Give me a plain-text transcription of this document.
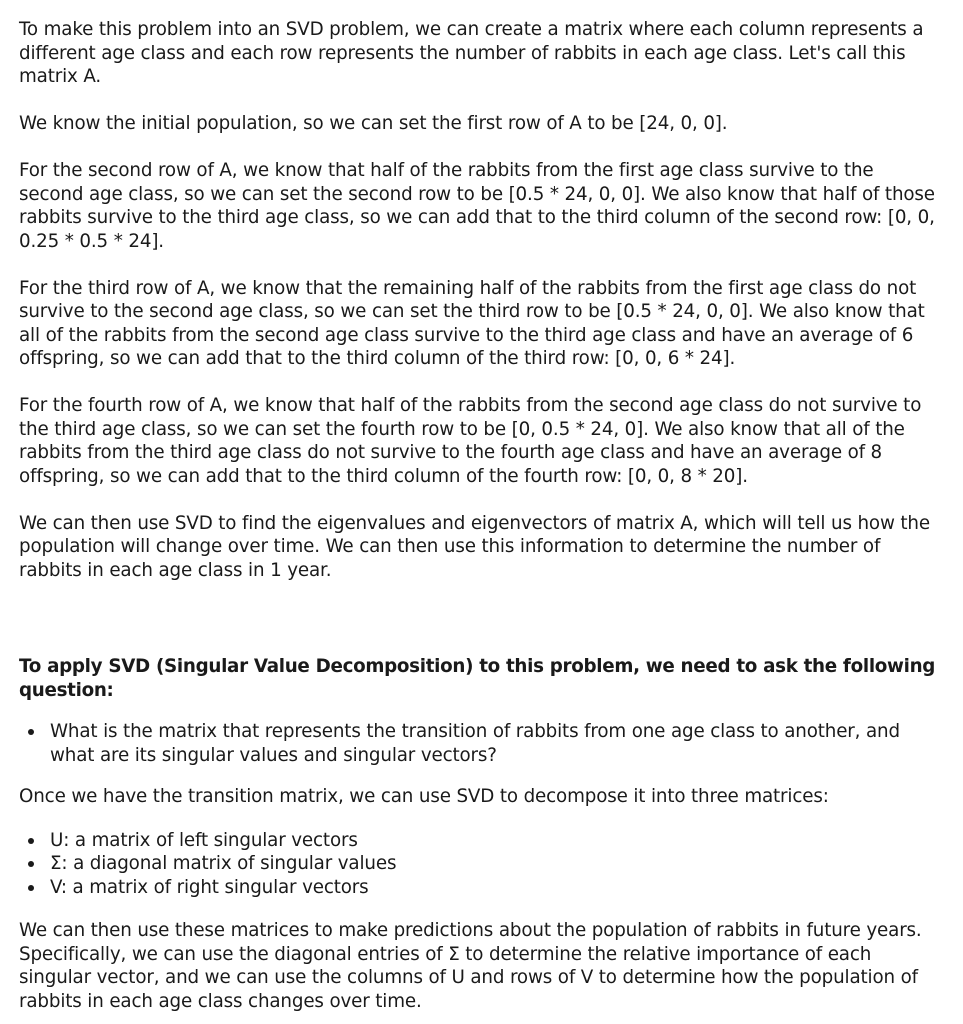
To make this problem into an SVD problem, we can create a matrix where each column represents a different age class and each row represents the number of rabbits in each age class. Let's call this matrix A.

We know the initial population, so we can set the first row of A to be [24, 0, 0].

For the second row of A, we know that half of the rabbits from the first age class survive to the second age class, so we can set the second row to be [0.5 * 24, 0, 0]. We also know that half of those rabbits survive to the third age class, so we can add that to the third column of the second row: [0, 0, 0.25 * 0.5 * 24].

For the third row of A, we know that the remaining half of the rabbits from the first age class do not survive to the second age class, so we can set the third row to be [0.5 * 24, 0, 0]. We also know that all of the rabbits from the second age class survive to the third age class and have an average of 6 offspring, so we can add that to the third column of the third row: [0, 0, 6 * 24].

For the fourth row of A, we know that half of the rabbits from the second age class do not survive to the third age class, so we can set the fourth row to be [0, 0.5 * 24, 0]. We also know that all of the rabbits from the third age class do not survive to the fourth age class and have an average of 8 offspring, so we can add that to the third column of the fourth row: [0, 0, 8 * 20].

We can then use SVD to find the eigenvalues and eigenvectors of matrix A, which will tell us how the population will change over time. We can then use this information to determine the number of rabbits in each age class in 1 year.

To apply SVD (Singular Value Decomposition) to this problem, we need to ask the following question:

What is the matrix that represents the transition of rabbits from one age class to another, and what are its singular values and singular vectors?

Once we have the transition matrix, we can use SVD to decompose it into three matrices:

U: a matrix of left singular vectors
Σ: a diagonal matrix of singular values
V: a matrix of right singular vectors

We can then use these matrices to make predictions about the population of rabbits in future years. Specifically, we can use the diagonal entries of Σ to determine the relative importance of each singular vector, and we can use the columns of U and rows of V to determine how the population of rabbits in each age class changes over time.
